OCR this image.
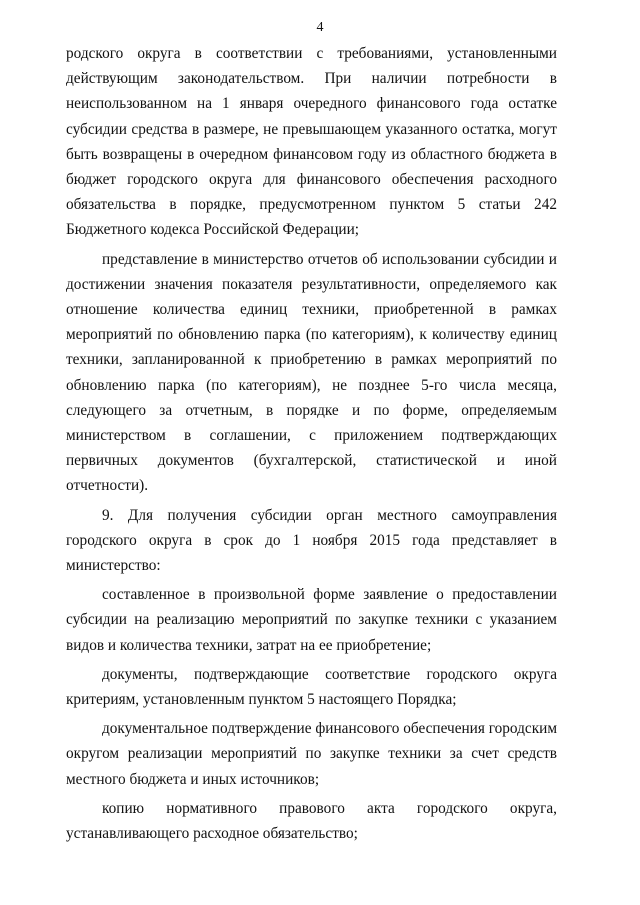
4

родского округа в соответствии с требованиями, установленными действующим законодательством. При наличии потребности в неиспользованном на 1 января очередного финансового года остатке субсидии средства в размере, не превышающем указанного остатка, могут быть возвращены в очередном финансовом году из областного бюджета в бюджет городского округа для финансового обеспечения расходного обязательства в порядке, предусмотренном пунктом 5 статьи 242 Бюджетного кодекса Российской Федерации;

представление в министерство отчетов об использовании субсидии и достижении значения показателя результативности, определяемого как отношение количества единиц техники, приобретенной в рамках мероприятий по обновлению парка (по категориям), к количеству единиц техники, запланированной к приобретению в рамках мероприятий по обновлению парка (по категориям), не позднее 5-го числа месяца, следующего за отчетным, в порядке и по форме, определяемым министерством в соглашении, с приложением подтверждающих первичных документов (бухгалтерской, статистической и иной отчетности).

9. Для получения субсидии орган местного самоуправления городского округа в срок до 1 ноября 2015 года представляет в министерство:

составленное в произвольной форме заявление о предоставлении субсидии на реализацию мероприятий по закупке техники с указанием видов и количества техники, затрат на ее приобретение;

документы, подтверждающие соответствие городского округа критериям, установленным пунктом 5 настоящего Порядка;

документальное подтверждение финансового обеспечения городским округом реализации мероприятий по закупке техники за счет средств местного бюджета и иных источников;

копию нормативного правового акта городского округа, устанавливающего расходное обязательство;
